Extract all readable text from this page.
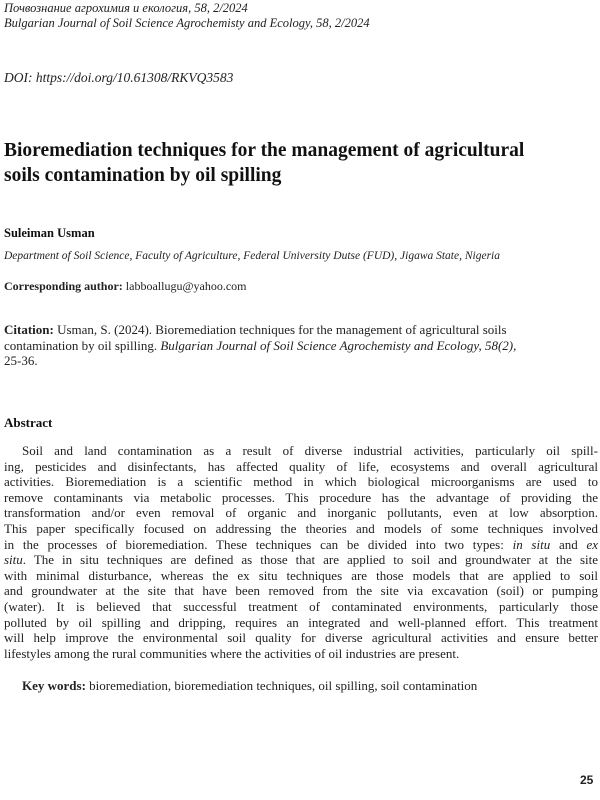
Почвознание агрохимия и екология, 58, 2/2024
Bulgarian Journal of Soil Science Agrochemisty and Ecology, 58, 2/2024
DOI: https://doi.org/10.61308/RKVQ3583
Bioremediation techniques for the management of agricultural
soils contamination by oil spilling
Suleiman Usman
Department of Soil Science, Faculty of Agriculture, Federal University Dutse (FUD), Jigawa State, Nigeria
Corresponding author: labboallugu@yahoo.com
Citation: Usman, S. (2024). Bioremediation techniques for the management of agricultural soils
contamination by oil spilling. Bulgarian Journal of Soil Science Agrochemisty and Ecology, 58(2),
25-36.
Abstract
Soil and land contamination as a result of diverse industrial activities, particularly oil spill-
ing, pesticides and disinfectants, has affected quality of life, ecosystems and overall agricultural
activities. Bioremediation is a scientific method in which biological microorganisms are used to
remove contaminants via metabolic processes. This procedure has the advantage of providing the
transformation and/or even removal of organic and inorganic pollutants, even at low absorption.
This paper specifically focused on addressing the theories and models of some techniques involved
in the processes of bioremediation. These techniques can be divided into two types: in situ and ex
situ. The in situ techniques are defined as those that are applied to soil and groundwater at the site
with minimal disturbance, whereas the ex situ techniques are those models that are applied to soil
and groundwater at the site that have been removed from the site via excavation (soil) or pumping
(water). It is believed that successful treatment of contaminated environments, particularly those
polluted by oil spilling and dripping, requires an integrated and well-planned effort. This treatment
will help improve the environmental soil quality for diverse agricultural activities and ensure better
lifestyles among the rural communities where the activities of oil industries are present.
Key words: bioremediation, bioremediation techniques, oil spilling, soil contamination
25
